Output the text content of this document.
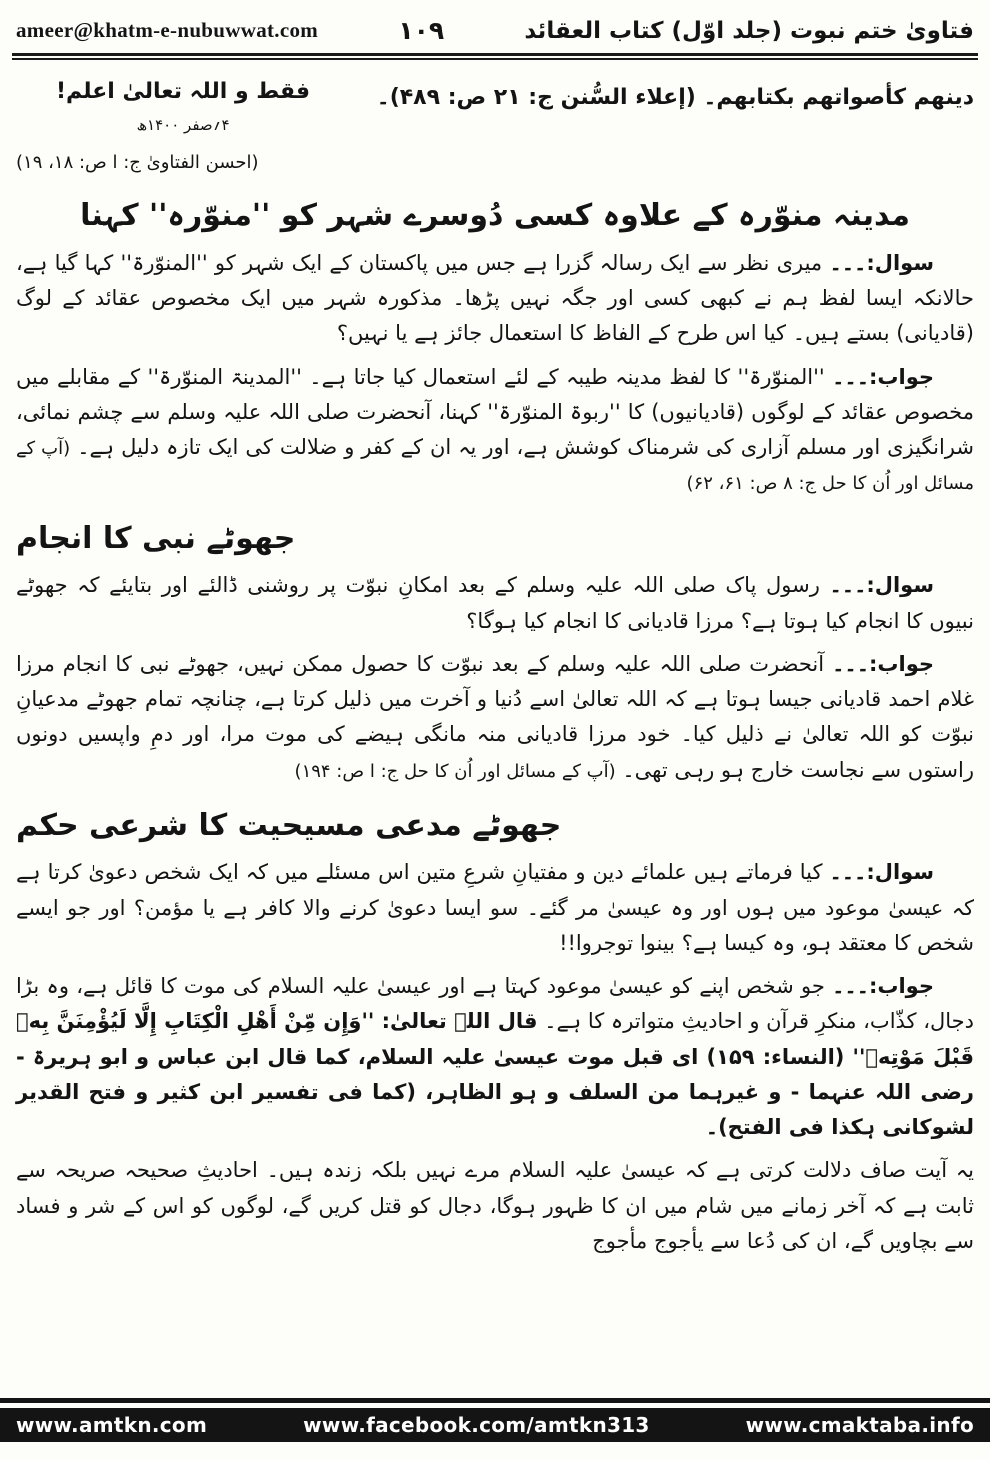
ameer@khatm-e-nubuwwat.com	۱۰۹	فتاویٰ ختم نبوت (جلد اوّل) کتاب العقائد
دینهم کأصواتهم بکتابهم۔ (إعلاء السُّنن ج: ۲۱ ص: ۴۸۹)۔
فقط و اللہ تعالیٰ اعلم!
۴؍صفر ۱۴۰۰ھ
(احسن الفتاویٰ ج: ا ص: ۱۸، ۱۹)
مدینہ منوّرہ کے علاوہ کسی دُوسرے شہر کو ''منوّرہ'' کہنا

سوال:۔۔۔ میری نظر سے ایک رسالہ گزرا ہے جس میں پاکستان کے ایک شہر کو ''المنوّرۃ'' کہا گیا ہے، حالانکہ ایسا لفظ ہم نے کبھی کسی اور جگہ نہیں پڑھا۔ مذکورہ شہر میں ایک مخصوص عقائد کے لوگ (قادیانی) بستے ہیں۔ کیا اس طرح کے الفاظ کا استعمال جائز ہے یا نہیں؟

جواب:۔۔۔ ''المنوّرۃ'' کا لفظ مدینہ طیبہ کے لئے استعمال کیا جاتا ہے۔ ''المدینۃ المنوّرۃ'' کے مقابلے میں مخصوص عقائد کے لوگوں (قادیانیوں) کا ''ربوۃ المنوّرۃ'' کہنا، آنحضرت صلی اللہ علیہ وسلم سے چشم نمائی، شرانگیزی اور مسلم آزاری کی شرمناک کوشش ہے، اور یہ ان کے کفر و ضلالت کی ایک تازہ دلیل ہے۔ (آپ کے مسائل اور اُن کا حل ج: ۸ ص: ۶۱، ۶۲)

جھوٹے نبی کا انجام

سوال:۔۔۔ رسول پاک صلی اللہ علیہ وسلم کے بعد امکانِ نبوّت پر روشنی ڈالئے اور بتایئے کہ جھوٹے نبیوں کا انجام کیا ہوتا ہے؟ مرزا قادیانی کا انجام کیا ہوگا؟

جواب:۔۔۔ آنحضرت صلی اللہ علیہ وسلم کے بعد نبوّت کا حصول ممکن نہیں، جھوٹے نبی کا انجام مرزا غلام احمد قادیانی جیسا ہوتا ہے کہ اللہ تعالیٰ اسے دُنیا و آخرت میں ذلیل کرتا ہے، چنانچہ تمام جھوٹے مدعیانِ نبوّت کو اللہ تعالیٰ نے ذلیل کیا۔ خود مرزا قادیانی منہ مانگی ہیضے کی موت مرا، اور دمِ واپسیں دونوں راستوں سے نجاست خارج ہو رہی تھی۔ (آپ کے مسائل اور اُن کا حل ج: ا ص: ۱۹۴)

جھوٹے مدعی مسیحیت کا شرعی حکم

سوال:۔۔۔ کیا فرماتے ہیں علمائے دین و مفتیانِ شرعِ متین اس مسئلے میں کہ ایک شخص دعویٰ کرتا ہے کہ عیسیٰ موعود میں ہوں اور وہ عیسیٰ مر گئے۔ سو ایسا دعویٰ کرنے والا کافر ہے یا مؤمن؟ اور جو ایسے شخص کا معتقد ہو، وہ کیسا ہے؟ بینوا توجروا!!

جواب:۔۔۔ جو شخص اپنے کو عیسیٰ موعود کہتا ہے اور عیسیٰ علیہ السلام کی موت کا قائل ہے، وہ بڑا دجال، کذّاب، منکرِ قرآن و احادیثِ متواترہ کا ہے۔ قال اللہ تعالیٰ: ''وَإِن مِّنْ أَهْلِ الْكِتَابِ إِلَّا لَيُؤْمِنَنَّ بِهٖ قَبْلَ مَوْتِهٖ'' (النساء: ۱۵۹) ای قبل موت عیسیٰ علیہ السلام، کما قال ابن عباس و ابو ہریرۃ - رضی اللہ عنہما - و غیرہما من السلف و ہو الظاہر، (کما فی تفسیر ابن کثیر و فتح القدیر لشوکانی ہکذا فی الفتح)۔

یہ آیت صاف دلالت کرتی ہے کہ عیسیٰ علیہ السلام مرے نہیں بلکہ زندہ ہیں۔ احادیثِ صحیحہ صریحہ سے ثابت ہے کہ آخر زمانے میں شام میں ان کا ظہور ہوگا، دجال کو قتل کریں گے، لوگوں کو اس کے شر و فساد سے بچاویں گے، ان کی دُعا سے یأجوج مأجوج

www.amtkn.com	www.facebook.com/amtkn313	www.cmaktaba.info
